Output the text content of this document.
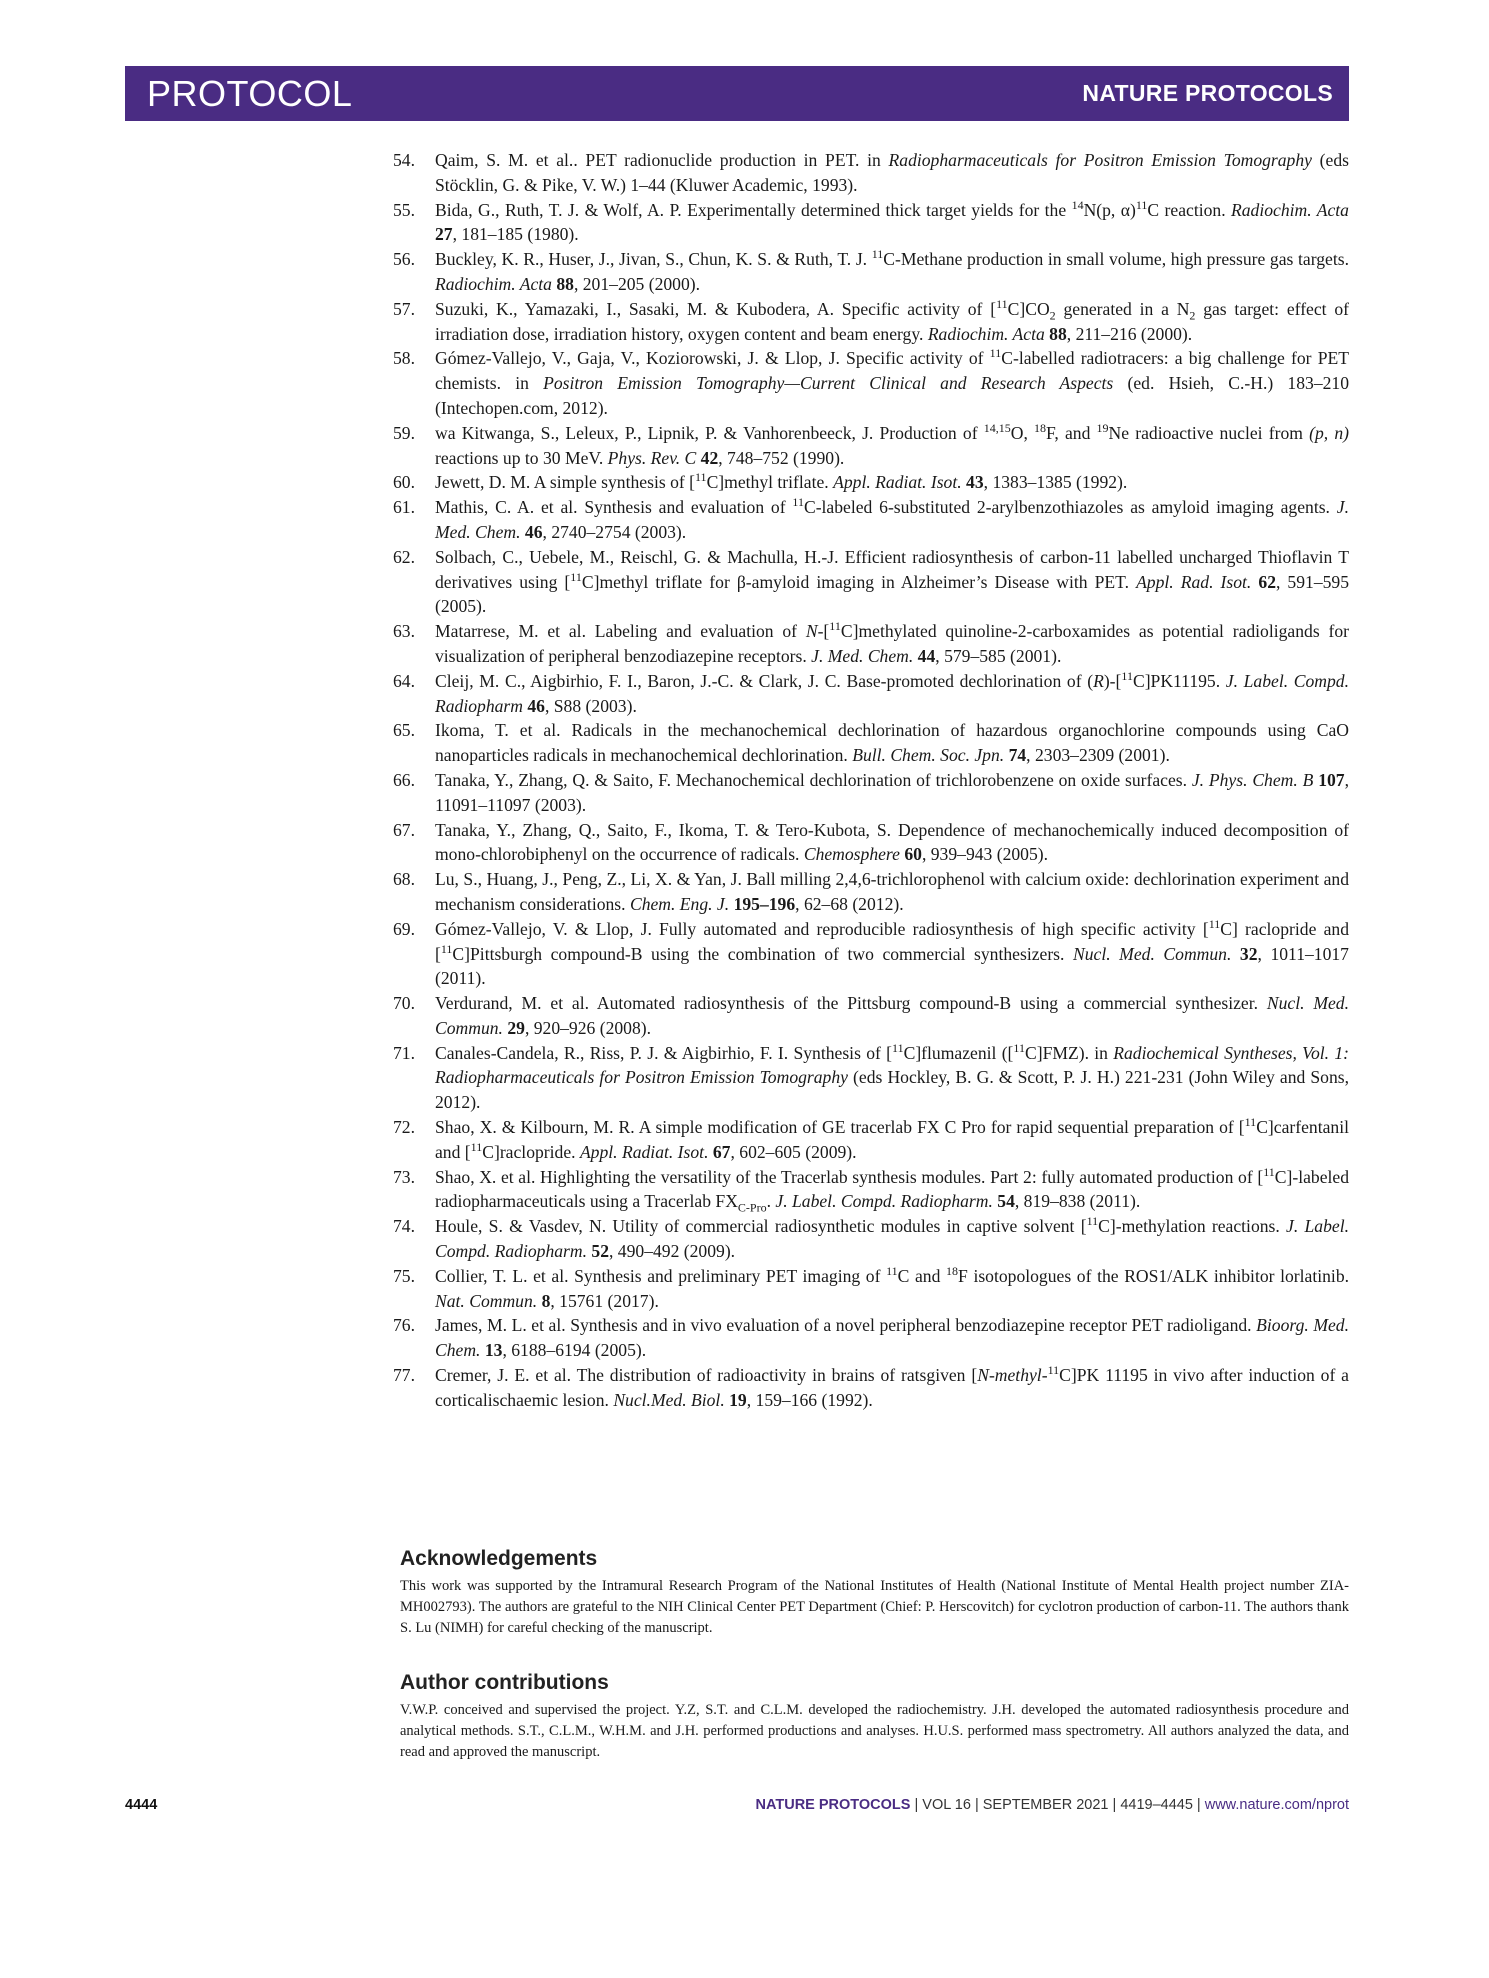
PROTOCOL	NATURE PROTOCOLS
54.	Qaim, S. M. et al.. PET radionuclide production in PET. in Radiopharmaceuticals for Positron Emission Tomography (eds Stöcklin, G. & Pike, V. W.) 1–44 (Kluwer Academic, 1993).
55.	Bida, G., Ruth, T. J. & Wolf, A. P. Experimentally determined thick target yields for the $^{14}$N(p, α)$^{11}$C reaction. Radiochim. Acta 27, 181–185 (1980).
56.	Buckley, K. R., Huser, J., Jivan, S., Chun, K. S. & Ruth, T. J. $^{11}$C-Methane production in small volume, high pressure gas targets. Radiochim. Acta 88, 201–205 (2000).
57.	Suzuki, K., Yamazaki, I., Sasaki, M. & Kubodera, A. Specific activity of $[^{11}C]CO_2$ generated in a $N_2$ gas target: effect of irradiation dose, irradiation history, oxygen content and beam energy. Radiochim. Acta 88, 211–216 (2000).
58.	Gómez-Vallejo, V., Gaja, V., Koziorowski, J. & Llop, J. Specific activity of $^{11}$C-labelled radiotracers: a big challenge for PET chemists. in Positron Emission Tomography—Current Clinical and Research Aspects (ed. Hsieh, C.-H.) 183–210 (Intechopen.com, 2012).
59.	wa Kitwanga, S., Leleux, P., Lipnik, P. & Vanhorenbeeck, J. Production of $^{14,15}$O, $^{18}$F, and $^{19}$Ne radioactive nuclei from (p, n) reactions up to 30 MeV. Phys. Rev. C 42, 748–752 (1990).
60.	Jewett, D. M. A simple synthesis of [$^{11}$C]methyl triflate. Appl. Radiat. Isot. 43, 1383–1385 (1992).
61.	Mathis, C. A. et al. Synthesis and evaluation of $^{11}$C-labeled 6-substituted 2-arylbenzothiazoles as amyloid imaging agents. J. Med. Chem. 46, 2740–2754 (2003).
62.	Solbach, C., Uebele, M., Reischl, G. & Machulla, H.-J. Efficient radiosynthesis of carbon-11 labelled uncharged Thioflavin T derivatives using [$^{11}$C]methyl triflate for β-amyloid imaging in Alzheimer’s Disease with PET. Appl. Rad. Isot. 62, 591–595 (2005).
63.	Matarrese, M. et al. Labeling and evaluation of N-[$^{11}$C]methylated quinoline-2-carboxamides as potential radioligands for visualization of peripheral benzodiazepine receptors. J. Med. Chem. 44, 579–585 (2001).
64.	Cleij, M. C., Aigbirhio, F. I., Baron, J.-C. & Clark, J. C. Base-promoted dechlorination of (R)-[$^{11}$C]PK11195. J. Label. Compd. Radiopharm 46, S88 (2003).
65.	Ikoma, T. et al. Radicals in the mechanochemical dechlorination of hazardous organochlorine compounds using CaO nanoparticles radicals in mechanochemical dechlorination. Bull. Chem. Soc. Jpn. 74, 2303–2309 (2001).
66.	Tanaka, Y., Zhang, Q. & Saito, F. Mechanochemical dechlorination of trichlorobenzene on oxide surfaces. J. Phys. Chem. B 107, 11091–11097 (2003).
67.	Tanaka, Y., Zhang, Q., Saito, F., Ikoma, T. & Tero-Kubota, S. Dependence of mechanochemically induced decomposition of mono-chlorobiphenyl on the occurrence of radicals. Chemosphere 60, 939–943 (2005).
68.	Lu, S., Huang, J., Peng, Z., Li, X. & Yan, J. Ball milling 2,4,6-trichlorophenol with calcium oxide: dechlorination experiment and mechanism considerations. Chem. Eng. J. 195–196, 62–68 (2012).
69.	Gómez-Vallejo, V. & Llop, J. Fully automated and reproducible radiosynthesis of high specific activity [$^{11}$C] raclopride and [$^{11}$C]Pittsburgh compound-B using the combination of two commercial synthesizers. Nucl. Med. Commun. 32, 1011–1017 (2011).
70.	Verdurand, M. et al. Automated radiosynthesis of the Pittsburg compound-B using a commercial synthesizer. Nucl. Med. Commun. 29, 920–926 (2008).
71.	Canales-Candela, R., Riss, P. J. & Aigbirhio, F. I. Synthesis of [$^{11}$C]flumazenil ([$^{11}$C]FMZ). in Radiochemical Syntheses, Vol. 1: Radiopharmaceuticals for Positron Emission Tomography (eds Hockley, B. G. & Scott, P. J. H.) 221-231 (John Wiley and Sons, 2012).
72.	Shao, X. & Kilbourn, M. R. A simple modification of GE tracerlab FX C Pro for rapid sequential preparation of [$^{11}$C]carfentanil and [$^{11}$C]raclopride. Appl. Radiat. Isot. 67, 602–605 (2009).
73.	Shao, X. et al. Highlighting the versatility of the Tracerlab synthesis modules. Part 2: fully automated production of [$^{11}$C]-labeled radiopharmaceuticals using a Tracerlab $FX_{C-Pro}$. J. Label. Compd. Radiopharm. 54, 819–838 (2011).
74.	Houle, S. & Vasdev, N. Utility of commercial radiosynthetic modules in captive solvent [$^{11}$C]-methylation reactions. J. Label. Compd. Radiopharm. 52, 490–492 (2009).
75.	Collier, T. L. et al. Synthesis and preliminary PET imaging of $^{11}$C and $^{18}$F isotopologues of the ROS1/ALK inhibitor lorlatinib. Nat. Commun. 8, 15761 (2017).
76.	James, M. L. et al. Synthesis and in vivo evaluation of a novel peripheral benzodiazepine receptor PET radioligand. Bioorg. Med. Chem. 13, 6188–6194 (2005).
77.	Cremer, J. E. et al. The distribution of radioactivity in brains of ratsgiven [N-methyl-$^{11}$C]PK 11195 in vivo after induction of a corticalischaemic lesion. Nucl.Med. Biol. 19, 159–166 (1992).
Acknowledgements

This work was supported by the Intramural Research Program of the National Institutes of Health (National Institute of Mental Health project number ZIA-MH002793). The authors are grateful to the NIH Clinical Center PET Department (Chief: P. Herscovitch) for cyclotron production of carbon-11. The authors thank S. Lu (NIMH) for careful checking of the manuscript.

Author contributions

V.W.P. conceived and supervised the project. Y.Z, S.T. and C.L.M. developed the radiochemistry. J.H. developed the automated radiosynthesis procedure and analytical methods. S.T., C.L.M., W.H.M. and J.H. performed productions and analyses. H.U.S. performed mass spectrometry. All authors analyzed the data, and read and approved the manuscript.

4444	NATURE PROTOCOLS | VOL 16 | SEPTEMBER 2021 | 4419–4445 | www.nature.com/nprot
